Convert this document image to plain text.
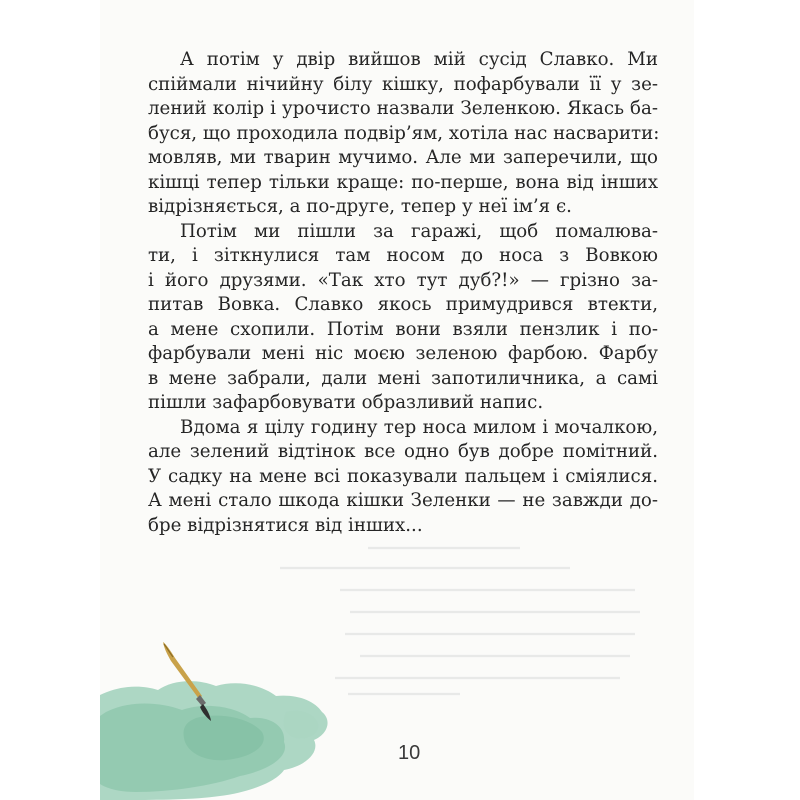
А потім у двір вийшов мій сусід Славко. Ми
спіймали нічийну білу кішку, пофарбували її у зе-
лений колір і урочисто назвали Зеленкою. Якась ба-
буся, що проходила подвір’ям, хотіла нас насварити:
мовляв, ми тварин мучимо. Але ми заперечили, що
кішці тепер тільки краще: по-перше, вона від інших
відрізняється, а по-друге, тепер у неї ім’я є.

Потім ми пішли за гаражі, щоб помалюва-
ти, і зіткнулися там носом до носа з Вовкою
і його друзями. «Так хто тут дуб?!» — грізно за-
питав Вовка. Славко якось примудрився втекти,
а мене схопили. Потім вони взяли пензлик і по-
фарбували мені ніс моєю зеленою фарбою. Фарбу
в мене забрали, дали мені запотиличника, а самі
пішли зафарбовувати образливий напис.

Вдома я цілу годину тер носа милом і мочалкою,
але зелений відтінок все одно був добре помітний.
У садку на мене всі показували пальцем і сміялися.
А мені стало шкода кішки Зеленки — не завжди до-
бре відрізнятися від інших...

10
